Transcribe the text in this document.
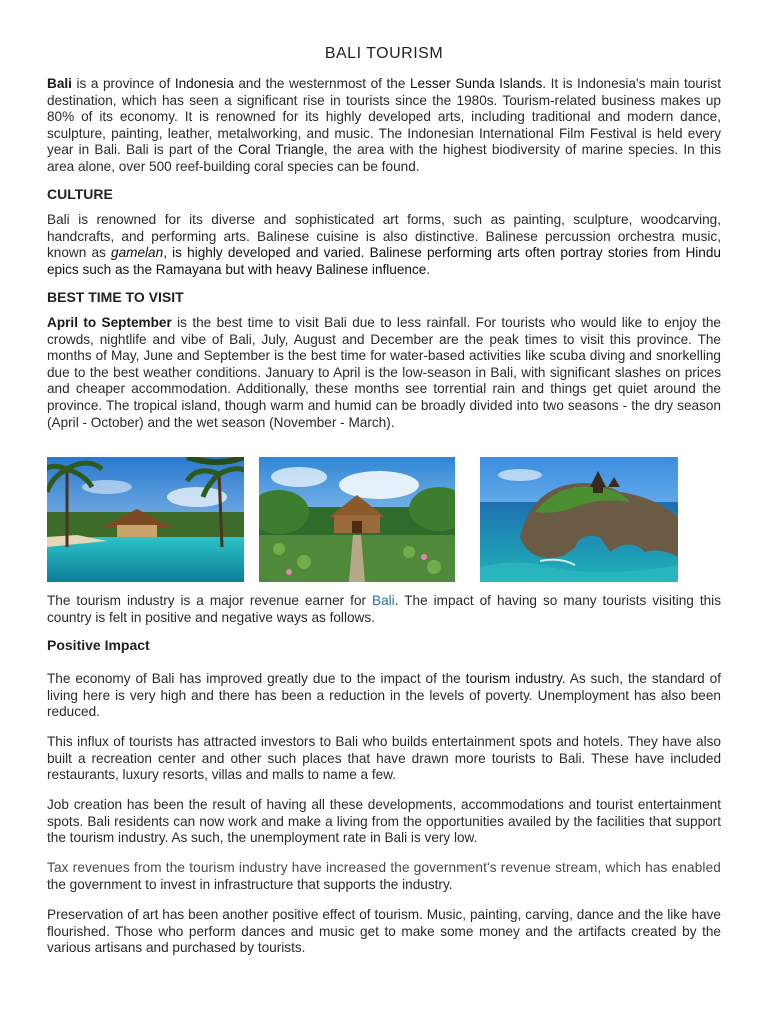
BALI TOURISM

Bali is a province of Indonesia and the westernmost of the Lesser Sunda Islands. It is Indonesia's main tourist destination, which has seen a significant rise in tourists since the 1980s. Tourism-related business makes up 80% of its economy. It is renowned for its highly developed arts, including traditional and modern dance, sculpture, painting, leather, metalworking, and music. The Indonesian International Film Festival is held every year in Bali. Bali is part of the Coral Triangle, the area with the highest biodiversity of marine species. In this area alone, over 500 reef-building coral species can be found.

CULTURE

Bali is renowned for its diverse and sophisticated art forms, such as painting, sculpture, woodcarving, handcrafts, and performing arts. Balinese cuisine is also distinctive. Balinese percussion orchestra music, known as gamelan, is highly developed and varied. Balinese performing arts often portray stories from Hindu epics such as the Ramayana but with heavy Balinese influence.

BEST TIME TO VISIT

April to September is the best time to visit Bali due to less rainfall. For tourists who would like to enjoy the crowds, nightlife and vibe of Bali, July, August and December are the peak times to visit this province. The months of May, June and September is the best time for water-based activities like scuba diving and snorkelling due to the best weather conditions. January to April is the low-season in Bali, with significant slashes on prices and cheaper accommodation. Additionally, these months see torrential rain and things get quiet around the province. The tropical island, though warm and humid can be broadly divided into two seasons - the dry season (April - October) and the wet season (November - March).

The tourism industry is a major revenue earner for Bali. The impact of having so many tourists visiting this country is felt in positive and negative ways as follows.

Positive Impact

The economy of Bali has improved greatly due to the impact of the tourism industry. As such, the standard of living here is very high and there has been a reduction in the levels of poverty. Unemployment has also been reduced.

This influx of tourists has attracted investors to Bali who builds entertainment spots and hotels. They have also built a recreation center and other such places that have drawn more tourists to Bali. These have included restaurants, luxury resorts, villas and malls to name a few.

Job creation has been the result of having all these developments, accommodations and tourist entertainment spots. Bali residents can now work and make a living from the opportunities availed by the facilities that support the tourism industry. As such, the unemployment rate in Bali is very low.

Tax revenues from the tourism industry have increased the government's revenue stream, which has enabled the government to invest in infrastructure that supports the industry.

Preservation of art has been another positive effect of tourism. Music, painting, carving, dance and the like have flourished. Those who perform dances and music get to make some money and the artifacts created by the various artisans and purchased by tourists.
